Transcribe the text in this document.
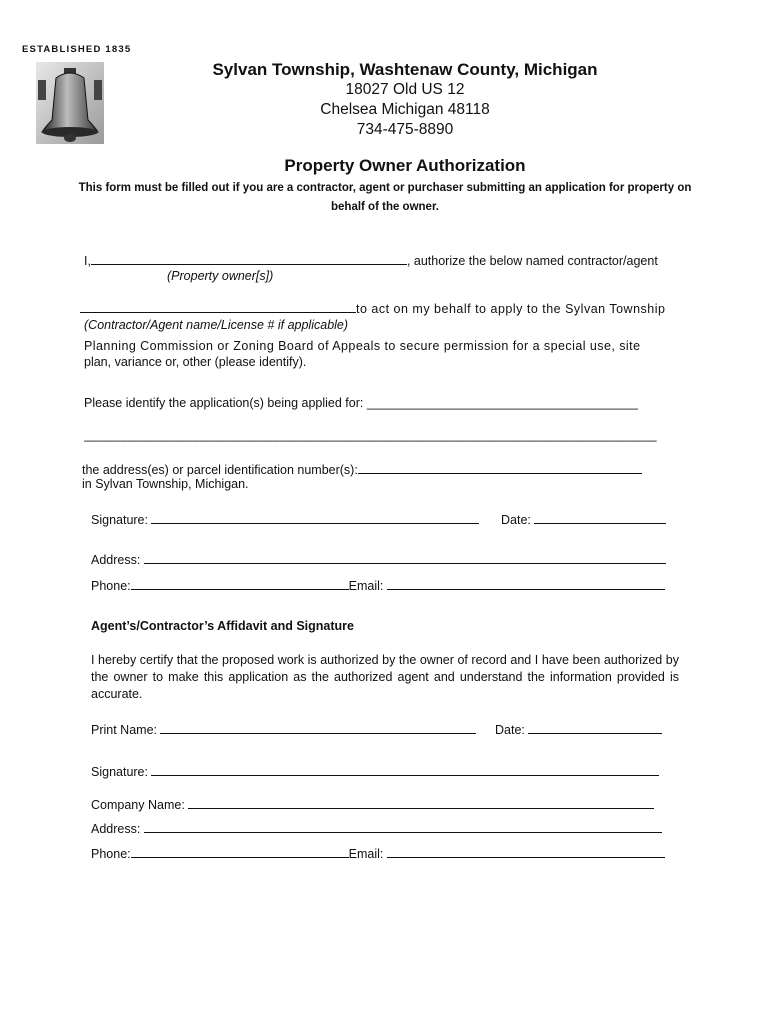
ESTABLISHED 1835
Sylvan Township, Washtenaw County, Michigan
18027 Old US 12
Chelsea Michigan 48118
734-475-8890
Property Owner Authorization
This form must be filled out if you are a contractor, agent or purchaser submitting an application for property on behalf of the owner.
I,	, authorize the below named contractor/agent
(Property owner[s])
to act on my behalf to apply to the Sylvan Township
(Contractor/Agent name/License # if applicable)
Planning Commission or Zoning Board of Appeals to secure permission for a special use, site
plan, variance or, other (please identify).
Please identify the application(s) being applied for: _______________________________________
_______________________________________________________________________________
the address(es) or parcel identification number(s):
in Sylvan Township, Michigan.
Signature:	Date:
Address:
Phone:	Email:
Agent’s/Contractor’s Affidavit and Signature
I hereby certify that the proposed work is authorized by the owner of record and I have been authorized by the owner to make this application as the authorized agent and understand the information provided is accurate.
Print Name:	Date:
Signature:
Company Name:
Address:
Phone:	Email:
